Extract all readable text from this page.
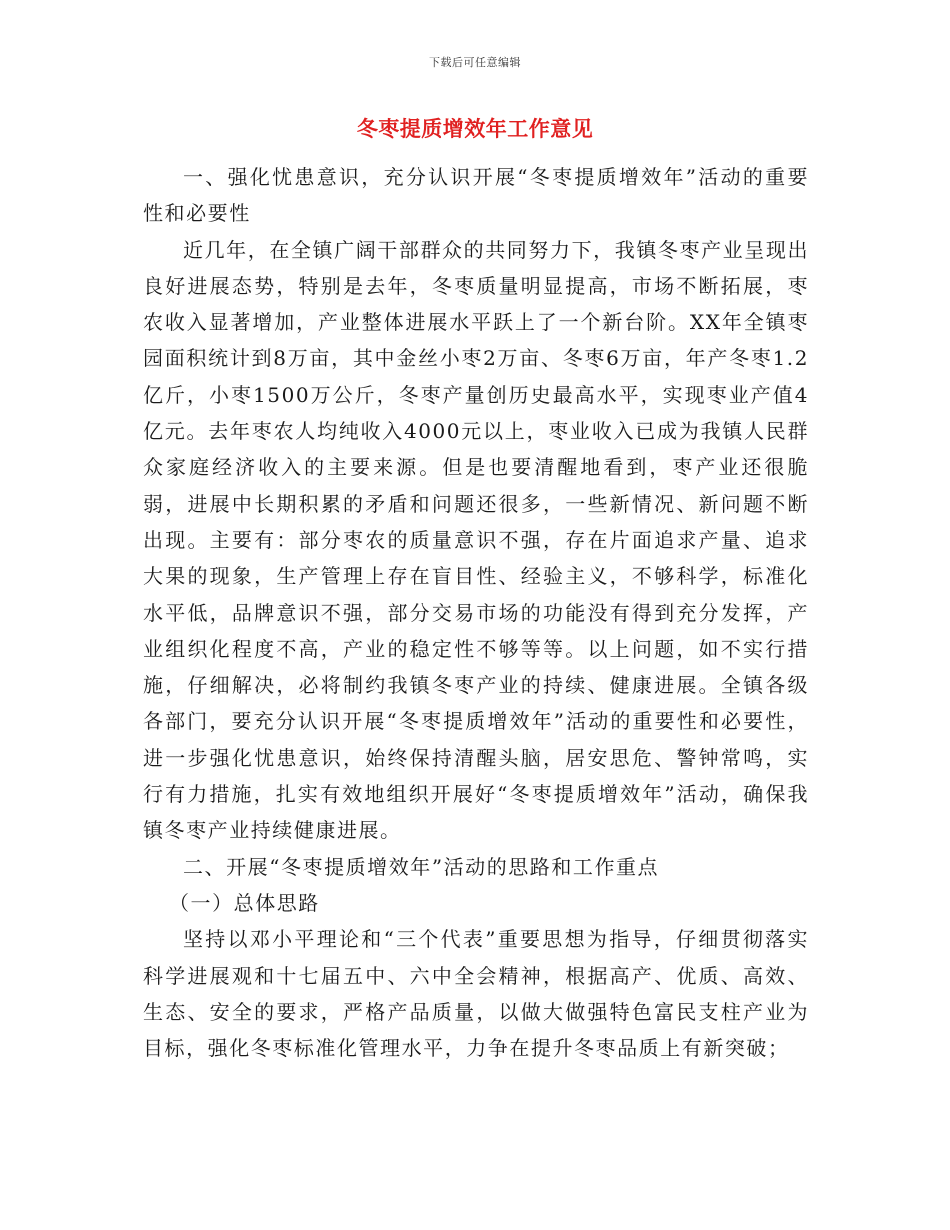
下载后可任意编辑
冬枣提质增效年工作意见

一、强化忧患意识，充分认识开展“冬枣提质增效年”活动的重要性和必要性

近几年，在全镇广阔干部群众的共同努力下，我镇冬枣产业呈现出良好进展态势，特别是去年，冬枣质量明显提高，市场不断拓展，枣农收入显著增加，产业整体进展水平跃上了一个新台阶。XX年全镇枣园面积统计到8万亩，其中金丝小枣2万亩、冬枣6万亩，年产冬枣1.2亿斤，小枣1500万公斤，冬枣产量创历史最高水平，实现枣业产值4亿元。去年枣农人均纯收入4000元以上，枣业收入已成为我镇人民群众家庭经济收入的主要来源。但是也要清醒地看到，枣产业还很脆弱，进展中长期积累的矛盾和问题还很多，一些新情况、新问题不断出现。主要有：部分枣农的质量意识不强，存在片面追求产量、追求大果的现象，生产管理上存在盲目性、经验主义，不够科学，标准化水平低，品牌意识不强，部分交易市场的功能没有得到充分发挥，产业组织化程度不高，产业的稳定性不够等等。以上问题，如不实行措施，仔细解决，必将制约我镇冬枣产业的持续、健康进展。全镇各级各部门，要充分认识开展“冬枣提质增效年”活动的重要性和必要性，进一步强化忧患意识，始终保持清醒头脑，居安思危、警钟常鸣，实行有力措施，扎实有效地组织开展好“冬枣提质增效年”活动，确保我镇冬枣产业持续健康进展。

二、开展“冬枣提质增效年”活动的思路和工作重点

（一）总体思路

坚持以邓小平理论和“三个代表”重要思想为指导，仔细贯彻落实科学进展观和十七届五中、六中全会精神，根据高产、优质、高效、生态、安全的要求，严格产品质量，以做大做强特色富民支柱产业为目标，强化冬枣标准化管理水平，力争在提升冬枣品质上有新突破；
